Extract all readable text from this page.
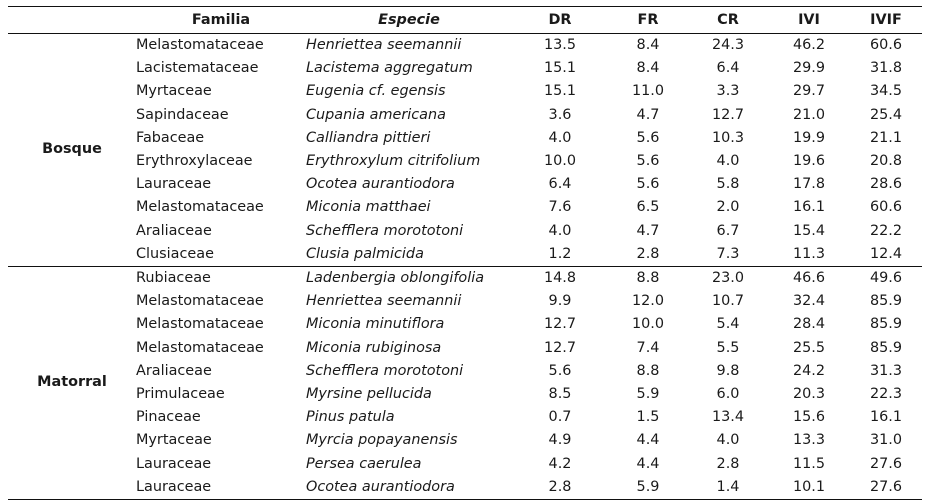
	Familia	Especie	DR	FR	CR	IVI	IVIF
Bosque	Melastomataceae	Henriettea seemannii	13.5	8.4	24.3	46.2	60.6
	Lacistemataceae	Lacistema aggregatum	15.1	8.4	6.4	29.9	31.8
	Myrtaceae	Eugenia cf. egensis	15.1	11.0	3.3	29.7	34.5
	Sapindaceae	Cupania americana	3.6	4.7	12.7	21.0	25.4
	Fabaceae	Calliandra pittieri	4.0	5.6	10.3	19.9	21.1
	Erythroxylaceae	Erythroxylum citrifolium	10.0	5.6	4.0	19.6	20.8
	Lauraceae	Ocotea aurantiodora	6.4	5.6	5.8	17.8	28.6
	Melastomataceae	Miconia matthaei	7.6	6.5	2.0	16.1	60.6
	Araliaceae	Schefflera morototoni	4.0	4.7	6.7	15.4	22.2
	Clusiaceae	Clusia palmicida	1.2	2.8	7.3	11.3	12.4
Matorral	Rubiaceae	Ladenbergia oblongifolia	14.8	8.8	23.0	46.6	49.6
	Melastomataceae	Henriettea seemannii	9.9	12.0	10.7	32.4	85.9
	Melastomataceae	Miconia minutiflora	12.7	10.0	5.4	28.4	85.9
	Melastomataceae	Miconia rubiginosa	12.7	7.4	5.5	25.5	85.9
	Araliaceae	Schefflera morototoni	5.6	8.8	9.8	24.2	31.3
	Primulaceae	Myrsine pellucida	8.5	5.9	6.0	20.3	22.3
	Pinaceae	Pinus patula	0.7	1.5	13.4	15.6	16.1
	Myrtaceae	Myrcia popayanensis	4.9	4.4	4.0	13.3	31.0
	Lauraceae	Persea caerulea	4.2	4.4	2.8	11.5	27.6
	Lauraceae	Ocotea aurantiodora	2.8	5.9	1.4	10.1	27.6
